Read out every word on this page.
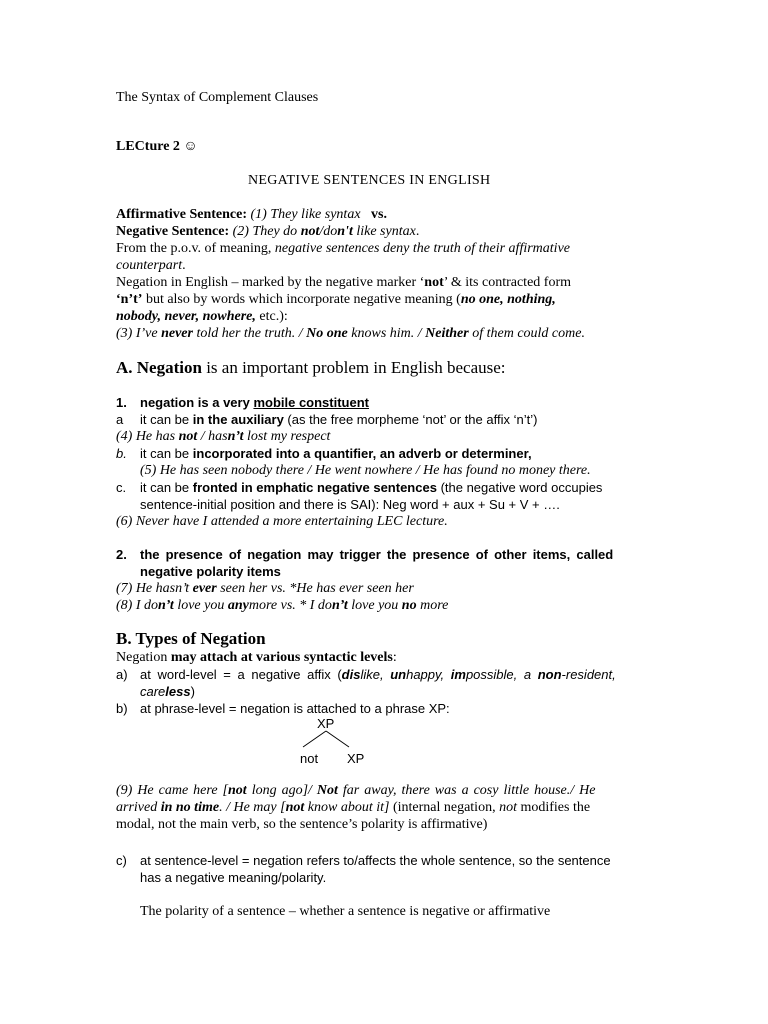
The Syntax of Complement Clauses
LECture 2 ☺
NEGATIVE SENTENCES IN ENGLISH
Affirmative Sentence: (1) They like syntax vs.
Negative Sentence: (2) They do not/don't like syntax.
From the p.o.v. of meaning, negative sentences deny the truth of their affirmative
counterpart.
Negation in English – marked by the negative marker ‘not’ & its contracted form
‘n’t’ but also by words which incorporate negative meaning (no one, nothing,
nobody, never, nowhere, etc.):
(3) I’ve never told her the truth. / No one knows him. / Neither of them could come.
A. Negation is an important problem in English because:
1. negation is a very mobile constituent
a it can be in the auxiliary (as the free morpheme ‘not’ or the affix ‘n’t’)
(4) He has not / hasn’t lost my respect
b. it can be incorporated into a quantifier, an adverb or determiner,
(5) He has seen nobody there / He went nowhere / He has found no money there.
c. it can be fronted in emphatic negative sentences (the negative word occupies
sentence-initial position and there is SAI): Neg word + aux + Su + V + ….
(6) Never have I attended a more entertaining LEC lecture.
2. the presence of negation may trigger the presence of other items, called
negative polarity items
(7) He hasn’t ever seen her vs. *He has ever seen her
(8) I don’t love you anymore vs. * I don’t love you no more
B. Types of Negation
Negation may attach at various syntactic levels:
a) at word-level = a negative affix (dislike, unhappy, impossible, a non-resident,
careless)
b) at phrase-level = negation is attached to a phrase XP:
XP
not XP
(9) He came here [not long ago]/ Not far away, there was a cosy little house./ He
arrived in no time. / He may [not know about it] (internal negation, not modifies the
modal, not the main verb, so the sentence’s polarity is affirmative)
c) at sentence-level = negation refers to/affects the whole sentence, so the sentence
has a negative meaning/polarity.
The polarity of a sentence – whether a sentence is negative or affirmative
